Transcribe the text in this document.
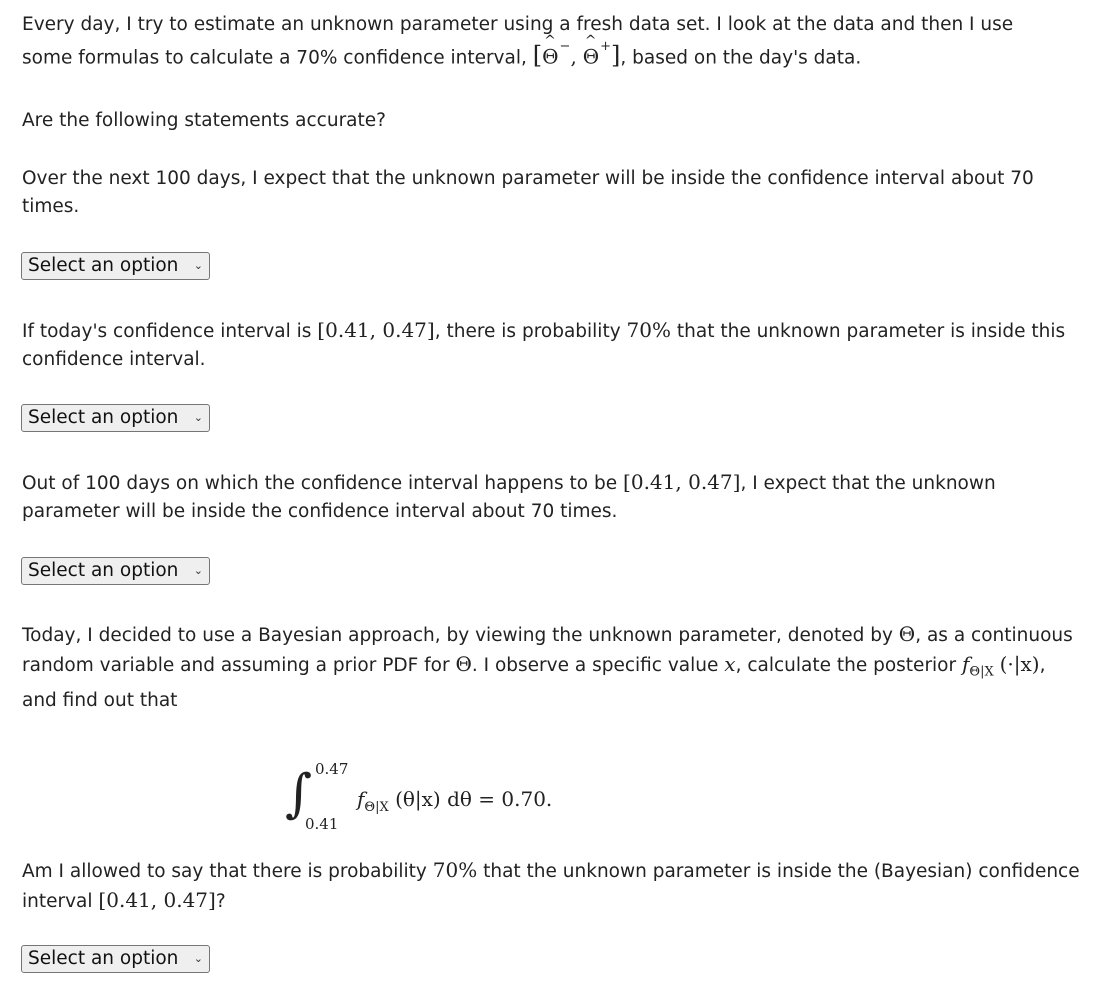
Every day, I try to estimate an unknown parameter using a fresh data set. I look at the data and then I use
some formulas to calculate a 70% confidence interval, [
^
Θ−,
^
Θ+], based on the day's data.

Are the following statements accurate?

Over the next 100 days, I expect that the unknown parameter will be inside the confidence interval about 70 times.

Select an option ⌄

If today's confidence interval is [0.41, 0.47], there is probability 70% that the unknown parameter is inside this confidence interval.

Select an option ⌄

Out of 100 days on which the confidence interval happens to be [0.41, 0.47], I expect that the unknown parameter will be inside the confidence interval about 70 times.

Select an option ⌄

Today, I decided to use a Bayesian approach, by viewing the unknown parameter, denoted by Θ, as a continuous random variable and assuming a prior PDF for Θ. I observe a specific value x, calculate the posterior $f_{\Theta|X}$ (·|x), and find out that

∫ 0.47
0.41
$f_{\Theta|X}$ (θ|x) dθ = 0.70.

Am I allowed to say that there is probability 70% that the unknown parameter is inside the (Bayesian) confidence interval [0.41, 0.47]?

Select an option ⌄
